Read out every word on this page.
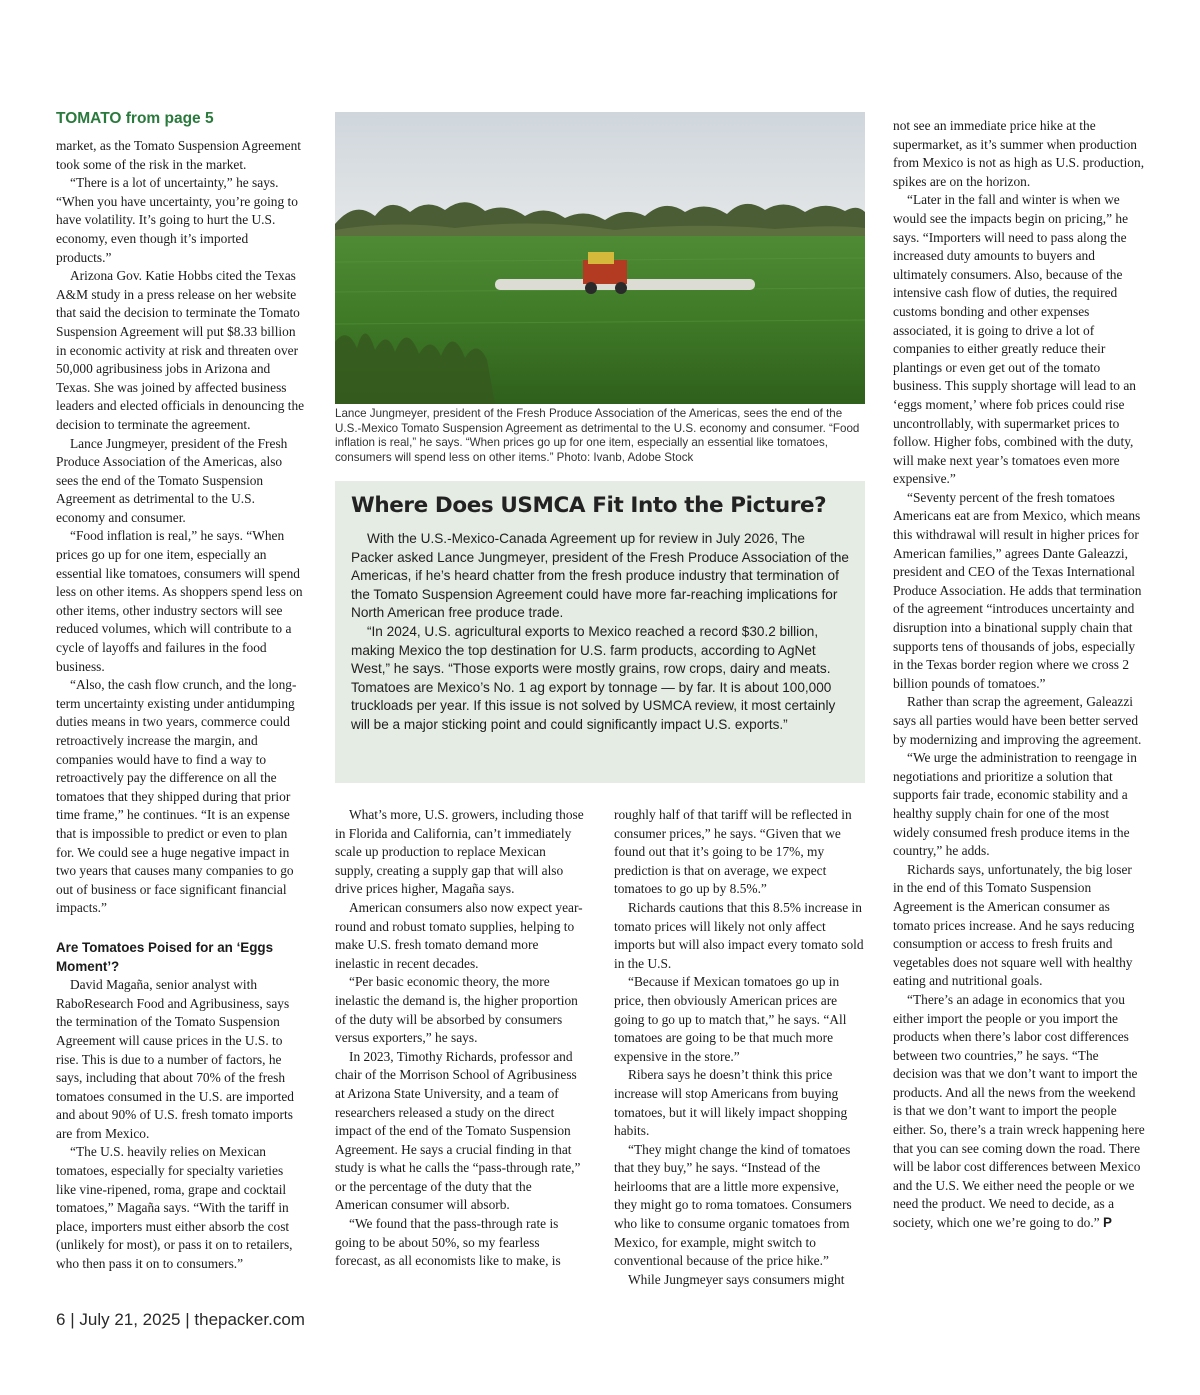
TOMATO from page 5

market, as the Tomato Suspension Agreement took some of the risk in the market.

“There is a lot of uncertainty,” he says. “When you have uncertainty, you’re going to have volatility. It’s going to hurt the U.S. economy, even though it’s imported products.”

Arizona Gov. Katie Hobbs cited the Texas A&M study in a press release on her website that said the decision to terminate the Tomato Suspension Agreement will put $8.33 billion in economic activity at risk and threaten over 50,000 agribusiness jobs in Arizona and Texas. She was joined by affected business leaders and elected officials in denouncing the decision to terminate the agreement.

Lance Jungmeyer, president of the Fresh Produce Association of the Americas, also sees the end of the Tomato Suspension Agreement as detrimental to the U.S. economy and consumer.

“Food inflation is real,” he says. “When prices go up for one item, especially an essential like tomatoes, consumers will spend less on other items. As shoppers spend less on other items, other industry sectors will see reduced volumes, which will contribute to a cycle of layoffs and failures in the food business.

“Also, the cash flow crunch, and the long-term uncertainty existing under antidumping duties means in two years, commerce could retroactively increase the margin, and companies would have to find a way to retroactively pay the difference on all the tomatoes that they shipped during that prior time frame,” he continues. “It is an expense that is impossible to predict or even to plan for. We could see a huge negative impact in two years that causes many companies to go out of business or face significant financial impacts.”

Are Tomatoes Poised for an ‘Eggs Moment’?

David Magaña, senior analyst with RaboResearch Food and Agribusiness, says the termination of the Tomato Suspension Agreement will cause prices in the U.S. to rise. This is due to a number of factors, he says, including that about 70% of the fresh tomatoes consumed in the U.S. are imported and about 90% of U.S. fresh tomato imports are from Mexico.

“The U.S. heavily relies on Mexican tomatoes, especially for specialty varieties like vine-ripened, roma, grape and cocktail tomatoes,” Magaña says. “With the tariff in place, importers must either absorb the cost (unlikely for most), or pass it on to retailers, who then pass it on to consumers.”

Lance Jungmeyer, president of the Fresh Produce Association of the Americas, sees the end of the U.S.-Mexico Tomato Suspension Agreement as detrimental to the U.S. economy and consumer. “Food inflation is real,” he says. “When prices go up for one item, especially an essential like tomatoes, consumers will spend less on other items.” Photo: Ivanb, Adobe Stock

Where Does USMCA Fit Into the Picture?

With the U.S.-Mexico-Canada Agreement up for review in July 2026, The Packer asked Lance Jungmeyer, president of the Fresh Produce Association of the Americas, if he’s heard chatter from the fresh produce industry that termination of the Tomato Suspension Agreement could have more far-reaching implications for North American free produce trade.

“In 2024, U.S. agricultural exports to Mexico reached a record $30.2 billion, making Mexico the top destination for U.S. farm products, according to AgNet West,” he says. “Those exports were mostly grains, row crops, dairy and meats. Tomatoes are Mexico’s No. 1 ag export by tonnage — by far. It is about 100,000 truckloads per year. If this issue is not solved by USMCA review, it most certainly will be a major sticking point and could significantly impact U.S. exports.”

What’s more, U.S. growers, including those in Florida and California, can’t immediately scale up production to replace Mexican supply, creating a supply gap that will also drive prices higher, Magaña says.

American consumers also now expect year-round and robust tomato supplies, helping to make U.S. fresh tomato demand more inelastic in recent decades.

“Per basic economic theory, the more inelastic the demand is, the higher proportion of the duty will be absorbed by consumers versus exporters,” he says.

In 2023, Timothy Richards, professor and chair of the Morrison School of Agribusiness at Arizona State University, and a team of researchers released a study on the direct impact of the end of the Tomato Suspension Agreement. He says a crucial finding in that study is what he calls the “pass-through rate,” or the percentage of the duty that the American consumer will absorb.

“We found that the pass-through rate is going to be about 50%, so my fearless forecast, as all economists like to make, is

roughly half of that tariff will be reflected in consumer prices,” he says. “Given that we found out that it’s going to be 17%, my prediction is that on average, we expect tomatoes to go up by 8.5%.”

Richards cautions that this 8.5% increase in tomato prices will likely not only affect imports but will also impact every tomato sold in the U.S.

“Because if Mexican tomatoes go up in price, then obviously American prices are going to go up to match that,” he says. “All tomatoes are going to be that much more expensive in the store.”

Ribera says he doesn’t think this price increase will stop Americans from buying tomatoes, but it will likely impact shopping habits.

“They might change the kind of tomatoes that they buy,” he says. “Instead of the heirlooms that are a little more expensive, they might go to roma tomatoes. Consumers who like to consume organic tomatoes from Mexico, for example, might switch to conventional because of the price hike.”

While Jungmeyer says consumers might

not see an immediate price hike at the supermarket, as it’s summer when production from Mexico is not as high as U.S. production, spikes are on the horizon.

“Later in the fall and winter is when we would see the impacts begin on pricing,” he says. “Importers will need to pass along the increased duty amounts to buyers and ultimately consumers. Also, because of the intensive cash flow of duties, the required customs bonding and other expenses associated, it is going to drive a lot of companies to either greatly reduce their plantings or even get out of the tomato business. This supply shortage will lead to an ‘eggs moment,’ where fob prices could rise uncontrollably, with supermarket prices to follow. Higher fobs, combined with the duty, will make next year’s tomatoes even more expensive.”

“Seventy percent of the fresh tomatoes Americans eat are from Mexico, which means this withdrawal will result in higher prices for American families,” agrees Dante Galeazzi, president and CEO of the Texas International Produce Association. He adds that termination of the agreement “introduces uncertainty and disruption into a binational supply chain that supports tens of thousands of jobs, especially in the Texas border region where we cross 2 billion pounds of tomatoes.”

Rather than scrap the agreement, Galeazzi says all parties would have been better served by modernizing and improving the agreement.

“We urge the administration to reengage in negotiations and prioritize a solution that supports fair trade, economic stability and a healthy supply chain for one of the most widely consumed fresh produce items in the country,” he adds.

Richards says, unfortunately, the big loser in the end of this Tomato Suspension Agreement is the American consumer as tomato prices increase. And he says reducing consumption or access to fresh fruits and vegetables does not square well with healthy eating and nutritional goals.

“There’s an adage in economics that you either import the people or you import the products when there’s labor cost differences between two countries,” he says. “The decision was that we don’t want to import the products. And all the news from the weekend is that we don’t want to import the people either. So, there’s a train wreck happening here that you can see coming down the road. There will be labor cost differences between Mexico and the U.S. We either need the people or we need the product. We need to decide, as a society, which one we’re going to do.” P

6 | July 21, 2025 | thepacker.com
